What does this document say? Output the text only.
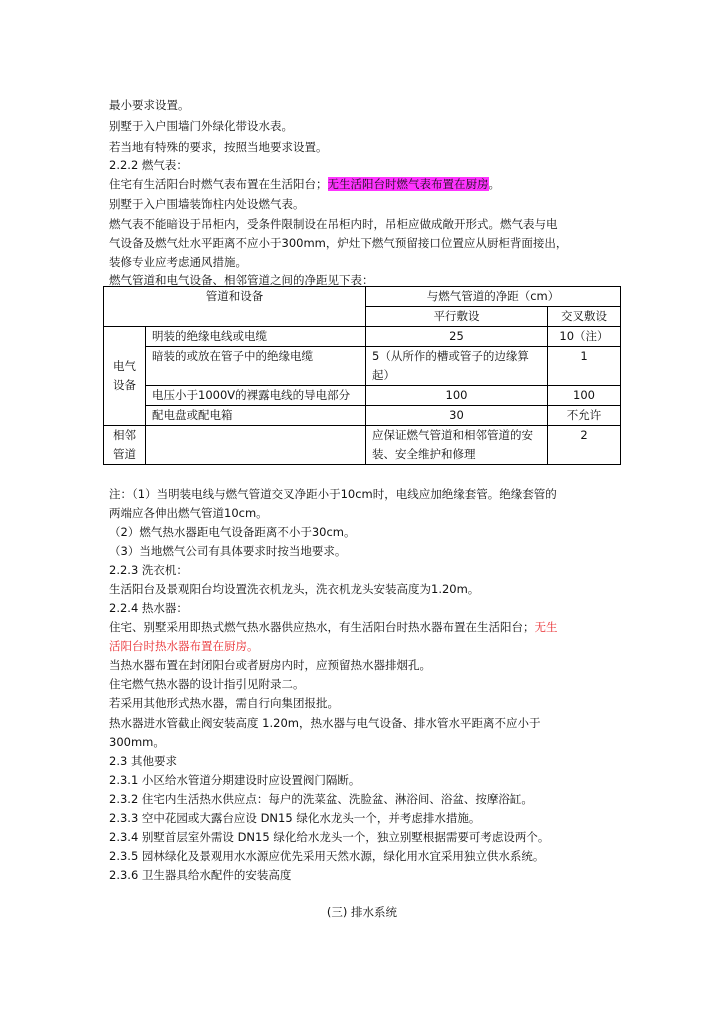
最小要求设置。
别墅于入户围墙门外绿化带设水表。
若当地有特殊的要求，按照当地要求设置。
2.2.2 燃气表：
住宅有生活阳台时燃气表布置在生活阳台；无生活阳台时燃气表布置在厨房。
别墅于入户围墙装饰柱内处设燃气表。
燃气表不能暗设于吊柜内，受条件限制设在吊柜内时，吊柜应做成敞开形式。燃气表与电
气设备及燃气灶水平距离不应小于300mm，炉灶下燃气预留接口位置应从厨柜背面接出，
装修专业应考虑通风措施。
燃气管道和电气设备、相邻管道之间的净距见下表：
管道和设备		与燃气管道的净距（cm）	
		平行敷设	交叉敷设
电气设备	明装的绝缘电线或电缆	25	10（注）
	暗装的或放在管子中的绝缘电缆	5（从所作的槽或管子的边缘算起）	1
	电压小于1000V的裸露电线的导电部分	100	100
	配电盘或配电箱	30	不允许
相邻管道		应保证燃气管道和相邻管道的安装、安全维护和修理	2
注：（1）当明装电线与燃气管道交叉净距小于10cm时，电线应加绝缘套管。绝缘套管的
两端应各伸出燃气管道10cm。
（2）燃气热水器距电气设备距离不小于30cm。
（3）当地燃气公司有具体要求时按当地要求。
2.2.3 洗衣机：
生活阳台及景观阳台均设置洗衣机龙头，洗衣机龙头安装高度为1.20m。
2.2.4 热水器：
住宅、别墅采用即热式燃气热水器供应热水，有生活阳台时热水器布置在生活阳台；无生
活阳台时热水器布置在厨房。
当热水器布置在封闭阳台或者厨房内时，应预留热水器排烟孔。
住宅燃气热水器的设计指引见附录二。
若采用其他形式热水器，需自行向集团报批。
热水器进水管截止阀安装高度 1.20m，热水器与电气设备、排水管水平距离不应小于
300mm。
2.3 其他要求
2.3.1 小区给水管道分期建设时应设置阀门隔断。
2.3.2 住宅内生活热水供应点：每户的洗菜盆、洗脸盆、淋浴间、浴盆、按摩浴缸。
2.3.3 空中花园或大露台应设 DN15 绿化水龙头一个，并考虑排水措施。
2.3.4 别墅首层室外需设 DN15 绿化给水龙头一个，独立别墅根据需要可考虑设两个。
2.3.5 园林绿化及景观用水水源应优先采用天然水源，绿化用水宜采用独立供水系统。
2.3.6 卫生器具给水配件的安装高度
(三) 排水系统
